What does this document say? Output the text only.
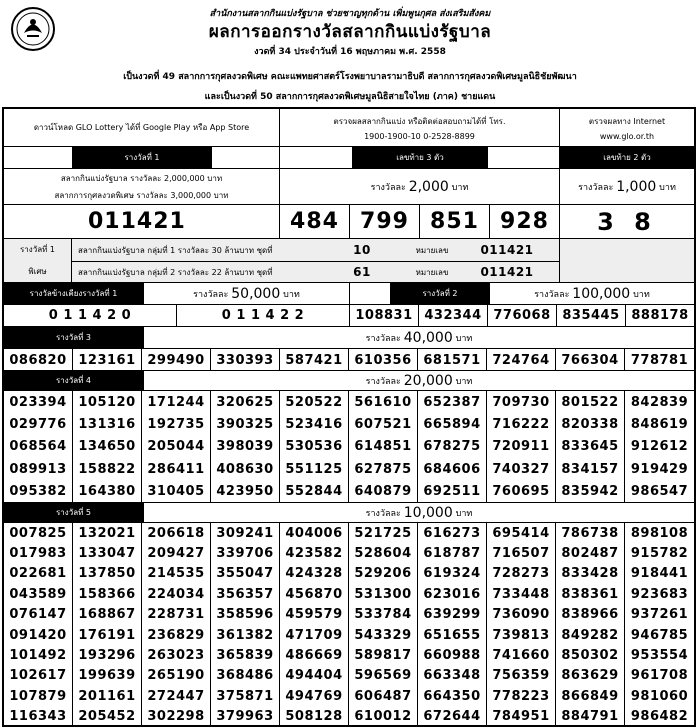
สำนักงานสลากกินแบ่งรัฐบาล ช่วยชาญทุกด้าน เพิ่มพูนกุศล ส่งเสริมสังคม
ผลการออกรางวัลสลากกินแบ่งรัฐบาล
งวดที่ 34 ประจำวันที่ 16 พฤษภาคม พ.ศ. 2558
เป็นงวดที่ 49 สลากการกุศลงวดพิเศษ คณะแพทยศาสตร์โรงพยาบาลรามาธิบดี สลากการกุศลงวดพิเศษมูลนิธิชัยพัฒนา
และเป็นงวดที่ 50 สลากการกุศลงวดพิเศษมูลนิธิสายใจไทย (ภาค) ชายแดน
ดาวน์โหลด GLO Lottery ได้ที่ Google Play หรือ App Store
ตรวจผลสลากกินแบ่ง หรือติดต่อสอบถามได้ที่ โทร.
1900-1900-10 0-2528-8899
ตรวจผลทาง Internet
www.glo.or.th
รางวัลที่ 1	เลขท้าย 3 ตัว	เลขท้าย 2 ตัว
สลากกินแบ่งรัฐบาล รางวัลละ 2,000,000 บาท
สลากการกุศลงวดพิเศษ รางวัลละ 3,000,000 บาท
รางวัลละ
2,000
บาท	รางวัลละ
1,000
บาท
011421	484 799 851 928	3 8
รางวัลที่ 1
พิเศษ
สลากกินแบ่งรัฐบาล กลุ่มที่ 1 รางวัลละ 30 ล้านบาท ชุดที่	10	หมายเลข	011421
สลากกินแบ่งรัฐบาล กลุ่มที่ 2 รางวัลละ 22 ล้านบาท ชุดที่	61	หมายเลข	011421
รางวัลข้างเคียงรางวัลที่ 1	รางวัลละ
50,000
บาท	รางวัลที่ 2	รางวัลละ
100,000
บาท
0 1 1 4 2 0	0 1 1 4 2 2	108831 432344 776068 835445 888178
รางวัลที่ 3	รางวัลละ
40,000
บาท
086820 123161 299490 330393 587421 610356 681571 724764 766304 778781
รางวัลที่ 4	รางวัลละ
20,000
บาท
023394 105120 171244 320625 520522 561610 652387 709730 801522 842839
029776 131316 192735 390325 523416 607521 665894 716222 820338 848619
068564 134650 205044 398039 530536 614851 678275 720911 833645 912612
089913 158822 286411 408630 551125 627875 684606 740327 834157 919429
095382 164380 310405 423950 552844 640879 692511 760695 835942 986547
รางวัลที่ 5	รางวัลละ
10,000
บาท
007825 132021 206618 309241 404006 521725 616273 695414 786738 898108
017983 133047 209427 339706 423582 528604 618787 716507 802487 915782
022681 137850 214535 355047 424328 529206 619324 728273 833428 918441
043589 158366 224034 356357 456870 531300 623016 733448 838361 923683
076147 168867 228731 358596 459579 533784 639299 736090 838966 937261
091420 176191 236829 361382 471709 543329 651655 739813 849282 946785
101492 193296 263023 365839 486669 589817 660988 741660 850302 953554
102617 199639 265190 368486 494404 596569 663348 756359 863629 961708
107879 201161 272447 375871 494769 606487 664350 778223 866849 981060
116343 205452 302298 379963 508128 610012 672644 784951 884791 986482
